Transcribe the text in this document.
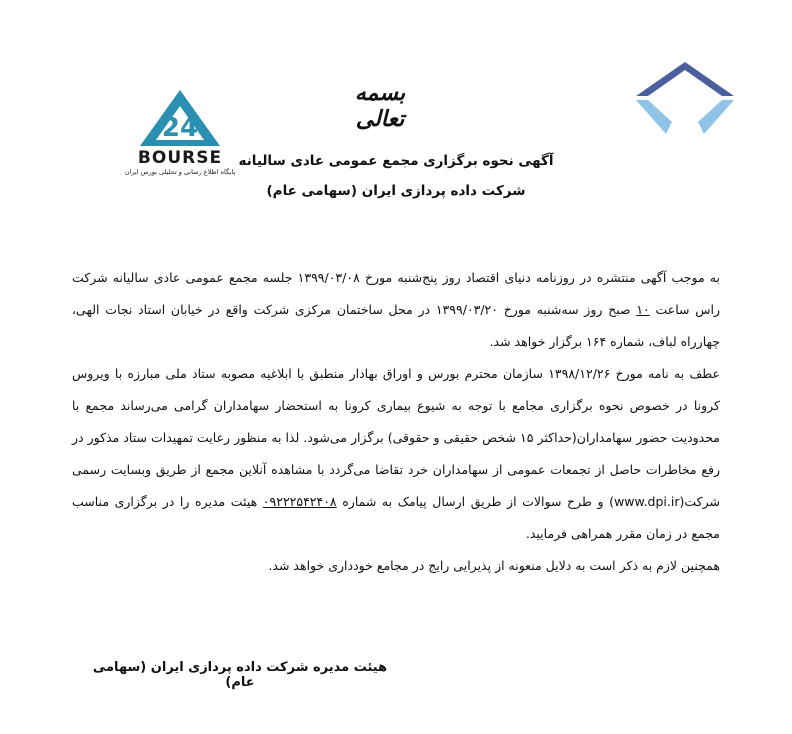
24
BOURSE
پایگاه اطلاع رسانی و تحلیلی بورس ایران
بسمه تعالی
آگهی نحوه برگزاری مجمع عمومی عادی سالیانه
شرکت داده پردازی ایران (سهامی عام)

به موجب آگهی منتشره در روزنامه دنیای اقتصاد روز پنج‌شنبه مورخ ۱۳۹۹/۰۳/۰۸ جلسه مجمع عمومی عادی سالیانه شرکت راس ساعت ۱۰ صبح روز سه‌شنبه مورخ ۱۳۹۹/۰۳/۲۰ در محل ساختمان مرکزی شرکت واقع در خیابان استاد نجات الهی، چهارراه لباف، شماره ۱۶۴ برگزار خواهد شد.

عطف به نامه مورخ ۱۳۹۸/۱۲/۲۶ سازمان محترم بورس و اوراق بهادار منطبق با ابلاغیه مصوبه ستاد ملی مبارزه با ویروس کرونا در خصوص نحوه برگزاری مجامع با توجه به شیوع بیماری کرونا به استحضار سهامداران گرامی می‌رساند مجمع با محدودیت حضور سهامداران(حداکثر ۱۵ شخص حقیقی و حقوقی) برگزار می‌شود. لذا به منظور رعایت تمهیدات ستاد مذکور در رفع مخاطرات حاصل از تجمعات عمومی از سهامداران خرد تقاضا می‌گردد با مشاهده آنلاین مجمع از طریق وبسایت رسمی شرکت(www.dpi.ir) و طرح سوالات از طریق ارسال پیامک به شماره ۰۹۲۲۲۵۴۲۴۰۸ هیئت مدیره را در برگزاری مناسب مجمع در زمان مقرر همراهی فرمایید.

همچنین لازم به ذکر است به دلایل منعونه از پذیرایی رایج در مجامع خودداری خواهد شد.

هیئت مدیره شرکت داده پردازی ایران (سهامی عام)
